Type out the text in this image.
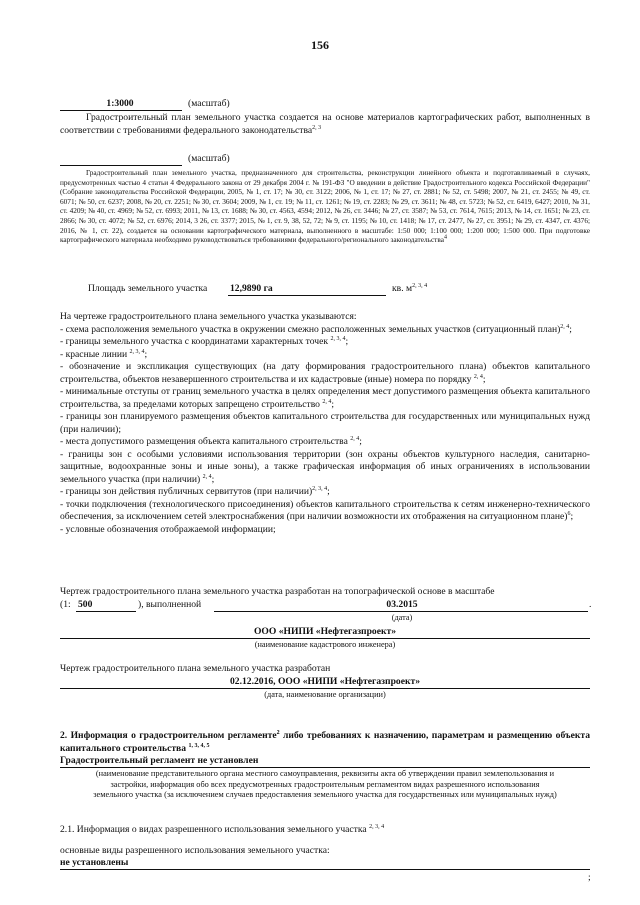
156
1:3000	(масштаб)
Градостроительный план земельного участка создается на основе материалов картографических работ, выполненных в соответствии с требованиями федерального законодательства$^{2, 3}$
(масштаб)
Градостроительный план земельного участка, предназначенного для строительства, реконструкции линейного объекта и подготавливаемый в случаях, предусмотренных частью 4 статьи 4 Федерального закона от 29 декабря 2004 г. № 191-ФЗ "О введении в действие Градостроительного кодекса Российской Федерации" (Собрание законодательства Российской Федерации, 2005, № 1, ст. 17; № 30, ст. 3122; 2006, № 1, ст. 17; № 27, ст. 2881; № 52, ст. 5498; 2007, № 21, ст. 2455; № 49, ст. 6071; № 50, ст. 6237; 2008, № 20, ст. 2251; № 30, ст. 3604; 2009, № 1, ст. 19; № 11, ст. 1261; № 19, ст. 2283; № 29, ст. 3611; № 48, ст. 5723; № 52, ст. 6419, 6427; 2010, № 31, ст. 4209; № 40, ст. 4969; № 52, ст. 6993; 2011, № 13, ст. 1688; № 30, ст. 4563, 4594; 2012, № 26, ст. 3446; № 27, ст. 3587; № 53, ст. 7614, 7615; 2013, № 14, ст. 1651; № 23, ст. 2866; № 30, ст. 4072; № 52, ст. 6976; 2014, 3 26, ст. 3377; 2015, № 1, ст. 9, 38, 52, 72; № 9, ст. 1195; № 10, ст. 1418; № 17, ст. 2477, № 27, ст. 3951; № 29, ст. 4347, ст. 4376; 2016, № 1, ст. 22), создается на основании картографического материала, выполненного в масштабе: 1:50 000; 1:100 000; 1:200 000; 1:500 000. При подготовке картографического материала необходимо руководствоваться требованиями федерального/регионального законодательства$^4$
Площадь земельного участка 12,9890 га	кв. $м^{2, 3, 4}$
На чертеже градостроительного плана земельного участка указываются:
- схема расположения земельного участка в окружении смежно расположенных земельных участков (ситуационный план)$^{2, 4}$;
- границы земельного участка с координатами характерных точек $^{2, 3, 4}$;
- красные линии $^{2, 3, 4}$;
- обозначение и экспликация существующих (на дату формирования градостроительного плана) объектов капитального строительства, объектов незавершенного строительства и их кадастровые (иные) номера по порядку $^{2, 4}$;
- минимальные отступы от границ земельного участка в целях определения мест допустимого размещения объекта капитального строительства, за пределами которых запрещено строительство $^{2, 4}$;
- границы зон планируемого размещения объектов капитального строительства для государственных или муниципальных нужд (при наличии);
- места допустимого размещения объекта капитального строительства $^{2, 4}$;
- границы зон с особыми условиями использования территории (зон охраны объектов культурного наследия, санитарно-защитные, водоохранные зоны и иные зоны), а также графическая информация об иных ограничениях в использовании земельного участка (при наличии) $^{2, 4}$;
- границы зон действия публичных сервитутов (при наличии)$^{2, 3, 4}$;
- точки подключения (технологического присоединения) объектов капитального строительства к сетям инженерно-технического обеспечения, за исключением сетей электроснабжения (при наличии возможности их отображения на ситуационном плане)$^6$;
- условные обозначения отображаемой информации;
Чертеж градостроительного плана земельного участка разработан на топографической основе в масштабе
(1: 500	), выполненной	03.2015	.
(дата)
ООО «НИПИ «Нефтегазпроект»
(наименование кадастрового инженера)
Чертеж градостроительного плана земельного участка разработан
02.12.2016, ООО «НИПИ «Нефтегазпроект»
(дата, наименование организации)
2. Информация о градостроительном регламенте$^2$ либо требованиях к назначению, параметрам и размещению объекта капитального строительства $^{1, 3, 4, 5}$
Градостроительный регламент не установлен
(наименование представительного органа местного самоуправления, реквизиты акта об утверждении правил землепользования и застройки, информация обо всех предусмотренных градостроительным регламентом видах разрешенного использования земельного участка (за исключением случаев предоставления земельного участка для государственных или муниципальных нужд)
2.1. Информация о видах разрешенного использования земельного участка $^{2, 3, 4}$
основные виды разрешенного использования земельного участка:
не установлены
;
